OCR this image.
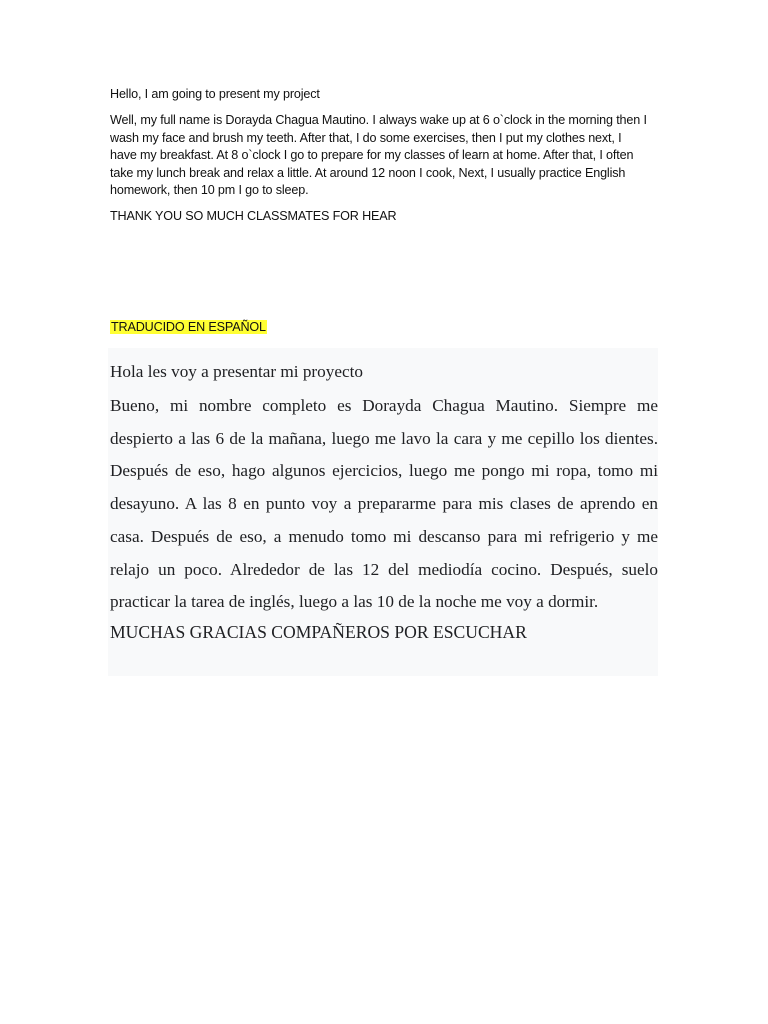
Hello, I am going to present my project

Well, my full name is Dorayda Chagua Mautino. I always wake up at 6 o`clock in the morning then I wash my face and brush my teeth. After that, I do some exercises, then I put my clothes next, I have my breakfast. At 8 o`clock I go to prepare for my classes of learn at home. After that, I often take my lunch break and relax a little. At around 12 noon I cook, Next, I usually practice English homework, then 10 pm I go to sleep.

THANK YOU SO MUCH CLASSMATES FOR HEAR

TRADUCIDO EN ESPAÑOL

Hola les voy a presentar mi proyecto

Bueno, mi nombre completo es Dorayda Chagua Mautino. Siempre me despierto a las 6 de la mañana, luego me lavo la cara y me cepillo los dientes. Después de eso, hago algunos ejercicios, luego me pongo mi ropa, tomo mi desayuno. A las 8 en punto voy a prepararme para mis clases de aprendo en casa. Después de eso, a menudo tomo mi descanso para mi refrigerio y me relajo un poco. Alrededor de las 12 del mediodía cocino. Después, suelo practicar la tarea de inglés, luego a las 10 de la noche me voy a dormir.

MUCHAS GRACIAS COMPAÑEROS POR ESCUCHAR
